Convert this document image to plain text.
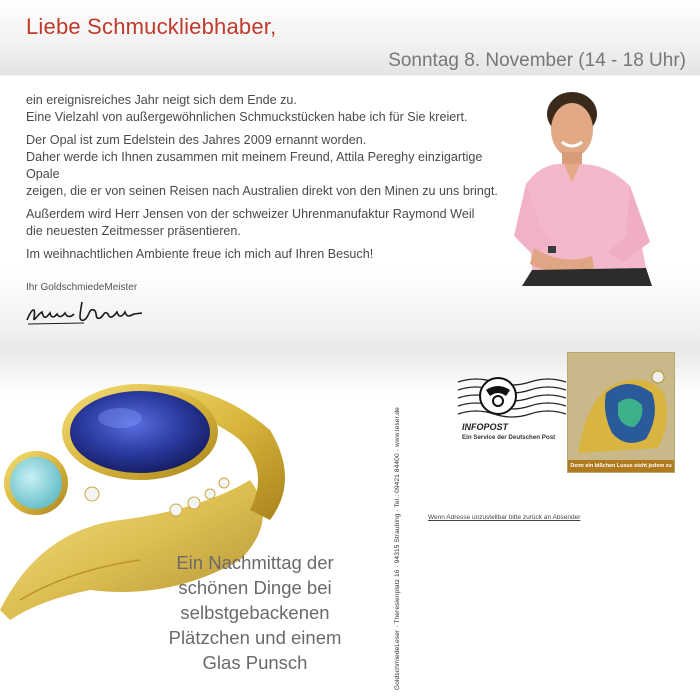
Liebe Schmuckliebhaber,
Sonntag 8. November (14 - 18 Uhr)

ein ereignisreiches Jahr neigt sich dem Ende zu.
Eine Vielzahl von außergewöhnlichen Schmuckstücken habe ich für Sie kreiert.

Der Opal ist zum Edelstein des Jahres 2009 ernannt worden.
Daher werde ich Ihnen zusammen mit meinem Freund, Attila Pereghy einzigartige Opale
zeigen, die er von seinen Reisen nach Australien direkt von den Minen zu uns bringt.

Außerdem wird Herr Jensen von der schweizer Uhrenmanufaktur Raymond Weil
die neuesten Zeitmesser präsentieren.

Im weihnachtlichen Ambiente freue ich mich auf Ihren Besuch!

Ihr GoldschmiedeMeister
Ein Nachmittag der
schönen Dinge bei
selbstgebackenen
Plätzchen und einem
Glas Punsch	GoldschmiedeLeser · Theresienplatz 16 · 94315 Straubing · Tel.: 09421 84400 · www.leser.de	INFOPOST
Ein Service der Deutschen Post
Denn ein bißchen Luxus steht jedem zu
Wenn Adresse unzustellbar bitte zurück an Absender
